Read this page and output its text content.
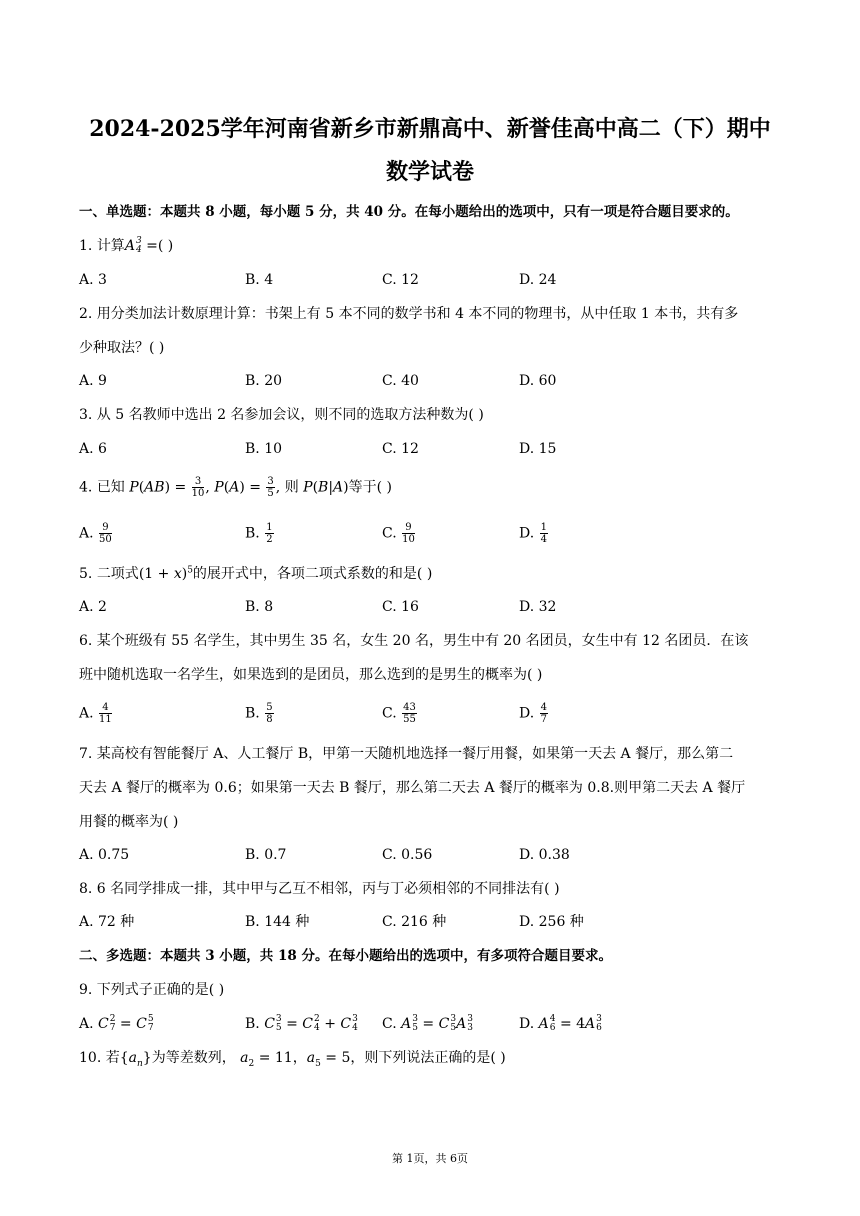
2024-2025学年河南省新乡市新鼎高中、新誉佳高中高二（下）期中
数学试卷
一、单选题：本题共 8 小题，每小题 5 分，共 40 分。在每小题给出的选项中，只有一项是符合题目要求的。
1. 计算A 3
4 =( )
A. 3	B. 4	C. 12	D. 24
2. 用分类加法计数原理计算：书架上有 5 本不同的数学书和 4 本不同的物理书，从中任取 1 本书，共有多
少种取法？( )
A. 9	B. 20	C. 40	D. 60
3. 从 5 名教师中选出 2 名参加会议，则不同的选取方法种数为( )
A. 6	B. 10	C. 12	D. 15
4. 已知 $P(AB) = \frac{3}{10}$ , $P(A) = \frac{3}{5}$ , 则 P(B|A)等于( )
A. $\frac{9}{50}$	B. $\frac{1}{2}$	C. $\frac{9}{10}$	D. $\frac{1}{4}$
5. 二项式$(1 + x)^5$的展开式中，各项二项式系数的和是( )
A. 2	B. 8	C. 16	D. 32
6. 某个班级有 55 名学生，其中男生 35 名，女生 20 名，男生中有 20 名团员，女生中有 12 名团员．在该
班中随机选取一名学生，如果选到的是团员，那么选到的是男生的概率为( )
A. $\frac{4}{11}$	B. $\frac{5}{8}$	C. $\frac{43}{55}$	D. $\frac{4}{7}$
7. 某高校有智能餐厅 A、人工餐厅 B，甲第一天随机地选择一餐厅用餐，如果第一天去 A 餐厅，那么第二
天去 A 餐厅的概率为 0.6；如果第一天去 B 餐厅，那么第二天去 A 餐厅的概率为 0.8.则甲第二天去 A 餐厅
用餐的概率为( )
A. 0.75	B. 0.7	C. 0.56	D. 0.38
8. 6 名同学排成一排，其中甲与乙互不相邻，丙与丁必须相邻的不同排法有( )
A. 72 种	B. 144 种	C. 216 种	D. 256 种
二、多选题：本题共 3 小题，共 18 分。在每小题给出的选项中，有多项符合题目要求。
9. 下列式子正确的是( )
A. C 2
7 = C 5
7	B. C 3
5 = C 2
4 + C 3
4 C. A 3
5 = C 3
5 A 3
3	D. A 4
6 = 4A 3
6
10. 若$\{a_n\}$为等差数列， $a_2 = 11$，$a_5 = 5$，则下列说法正确的是( )
第 1页，共 6页
